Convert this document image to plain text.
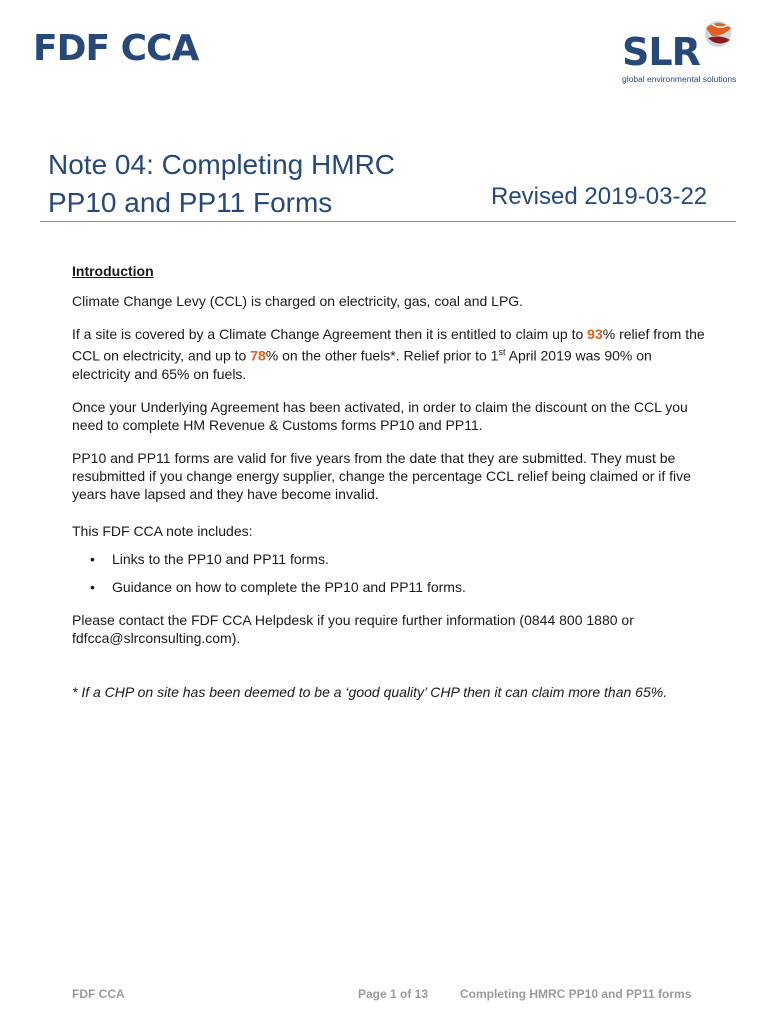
FDF CCA	SLR
global environmental solutions
Note 04: Completing HMRC
PP10 and PP11 Forms	Revised 2019-03-22

Introduction

Climate Change Levy (CCL) is charged on electricity, gas, coal and LPG.

If a site is covered by a Climate Change Agreement then it is entitled to claim up to 93% relief from the CCL on electricity, and up to 78% on the other fuels*. Relief prior to 1st April 2019 was 90% on electricity and 65% on fuels.

Once your Underlying Agreement has been activated, in order to claim the discount on the CCL you need to complete HM Revenue & Customs forms PP10 and PP11.

PP10 and PP11 forms are valid for five years from the date that they are submitted. They must be resubmitted if you change energy supplier, change the percentage CCL relief being claimed or if five years have lapsed and they have become invalid.

This FDF CCA note includes:

• Links to the PP10 and PP11 forms.
• Guidance on how to complete the PP10 and PP11 forms.

Please contact the FDF CCA Helpdesk if you require further information (0844 800 1880 or fdfcca@slrconsulting.com).

* If a CHP on site has been deemed to be a ‘good quality’ CHP then it can claim more than 65%.

FDF CCA	Page 1 of 13	Completing HMRC PP10 and PP11 forms
